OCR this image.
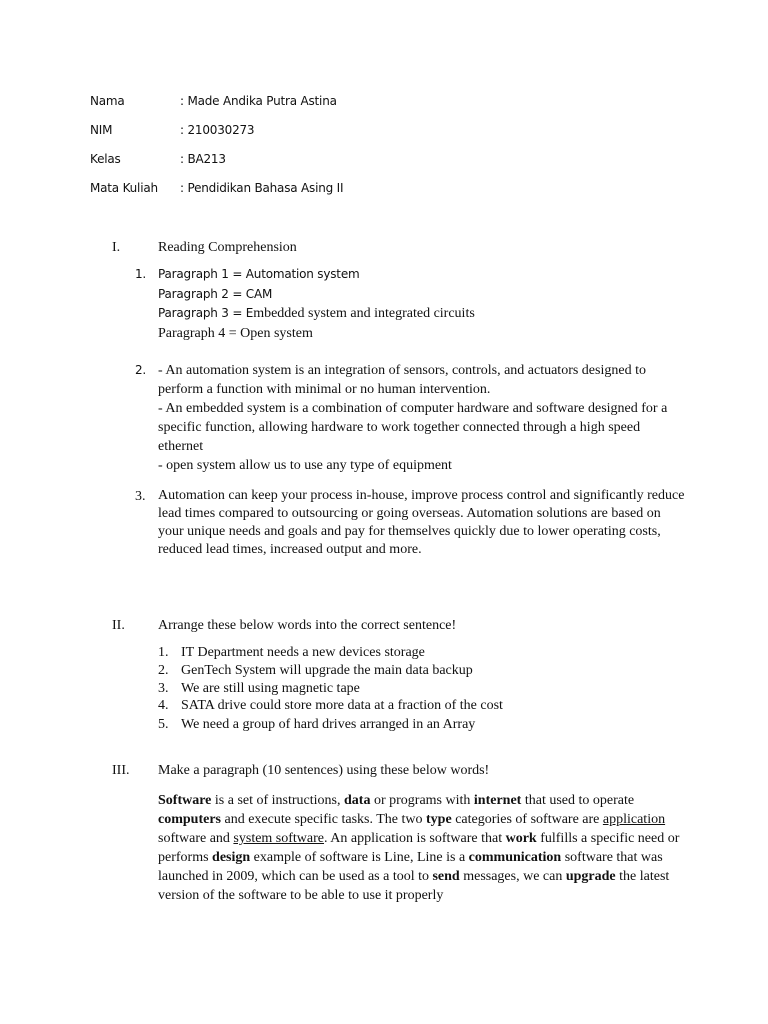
Nama	: Made Andika Putra Astina
NIM	: 210030273
Kelas	: BA213
Mata Kuliah : Pendidikan Bahasa Asing II
I.	Reading Comprehension
1. Paragraph 1 = Automation system
Paragraph 2 = CAM
Paragraph 3 = Embedded system and integrated circuits
Paragraph 4 = Open system
2. - An automation system is an integration of sensors, controls, and actuators designed to perform a function with minimal or no human intervention.
- An embedded system is a combination of computer hardware and software designed for a specific function, allowing hardware to work together connected through a high speed ethernet
- open system allow us to use any type of equipment
3. Automation can keep your process in-house, improve process control and significantly reduce lead times compared to outsourcing or going overseas. Automation solutions are based on your unique needs and goals and pay for themselves quickly due to lower operating costs, reduced lead times, increased output and more.
II. Arrange these below words into the correct sentence!
1. IT Department needs a new devices storage
2. GenTech System will upgrade the main data backup
3. We are still using magnetic tape
4. SATA drive could store more data at a fraction of the cost
5. We need a group of hard drives arranged in an Array
III. Make a paragraph (10 sentences) using these below words!
Software is a set of instructions, data or programs with internet that used to operate computers and execute specific tasks. The two type categories of software are application software and system software. An application is software that work fulfills a specific need or performs design example of software is Line, Line is a communication software that was launched in 2009, which can be used as a tool to send messages, we can upgrade the latest version of the software to be able to use it properly
